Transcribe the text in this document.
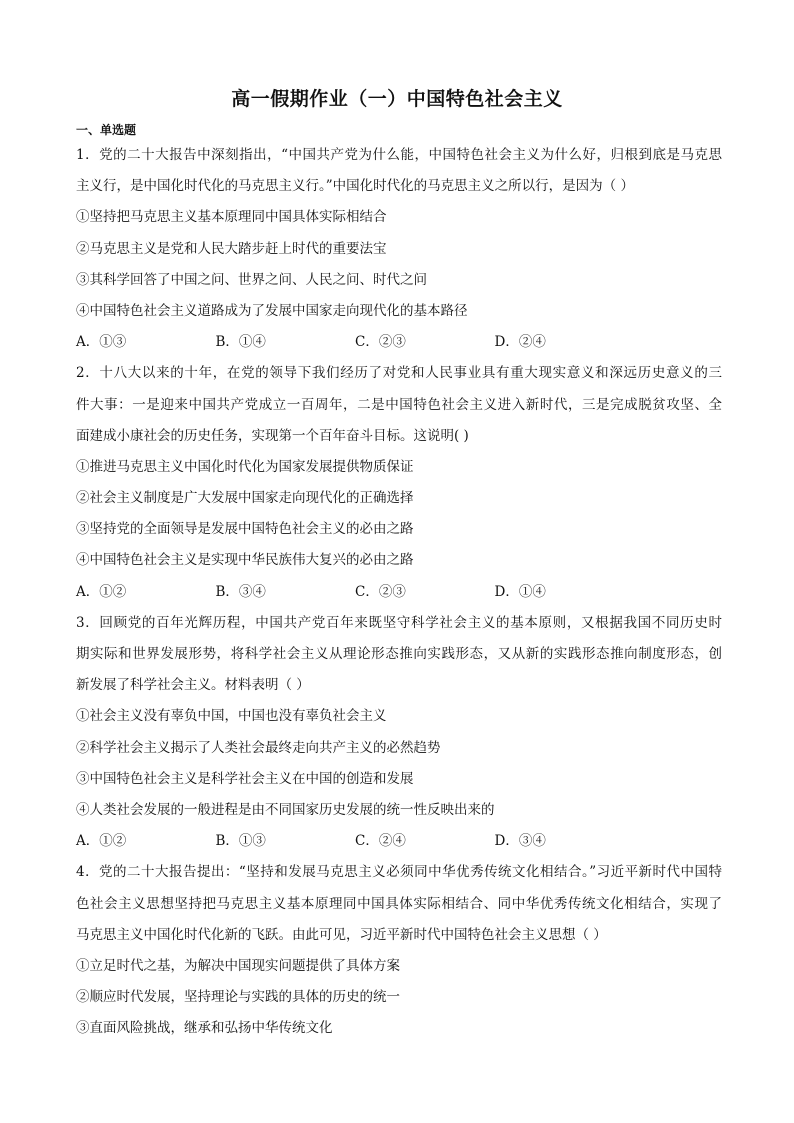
高一假期作业（一）中国特色社会主义
一、单选题
1．党的二十大报告中深刻指出，“中国共产党为什么能，中国特色社会主义为什么好，归根到底是马克思
主义行，是中国化时代化的马克思主义行。”中国化时代化的马克思主义之所以行，是因为（ ）
①坚持把马克思主义基本原理同中国具体实际相结合
②马克思主义是党和人民大踏步赶上时代的重要法宝
③其科学回答了中国之问、世界之问、人民之问、时代之问
④中国特色社会主义道路成为了发展中国家走向现代化的基本路径
A．①③	B．①④	C．②③	D．②④
2．十八大以来的十年，在党的领导下我们经历了对党和人民事业具有重大现实意义和深远历史意义的三
件大事：一是迎来中国共产党成立一百周年，二是中国特色社会主义进入新时代，三是完成脱贫攻坚、全
面建成小康社会的历史任务，实现第一个百年奋斗目标。这说明( )
①推进马克思主义中国化时代化为国家发展提供物质保证
②社会主义制度是广大发展中国家走向现代化的正确选择
③坚持党的全面领导是发展中国特色社会主义的必由之路
④中国特色社会主义是实现中华民族伟大复兴的必由之路
A．①②	B．③④	C．②③	D．①④
3．回顾党的百年光辉历程，中国共产党百年来既坚守科学社会主义的基本原则，又根据我国不同历史时
期实际和世界发展形势，将科学社会主义从理论形态推向实践形态，又从新的实践形态推向制度形态，创
新发展了科学社会主义。材料表明（ ）
①社会主义没有辜负中国，中国也没有辜负社会主义
②科学社会主义揭示了人类社会最终走向共产主义的必然趋势
③中国特色社会主义是科学社会主义在中国的创造和发展
④人类社会发展的一般进程是由不同国家历史发展的统一性反映出来的
A．①②	B．①③	C．②④	D．③④
4．党的二十大报告提出：“坚持和发展马克思主义必须同中华优秀传统文化相结合。”习近平新时代中国特
色社会主义思想坚持把马克思主义基本原理同中国具体实际相结合、同中华优秀传统文化相结合，实现了
马克思主义中国化时代化新的飞跃。由此可见，习近平新时代中国特色社会主义思想（ ）
①立足时代之基，为解决中国现实问题提供了具体方案
②顺应时代发展，坚持理论与实践的具体的历史的统一
③直面风险挑战，继承和弘扬中华传统文化
